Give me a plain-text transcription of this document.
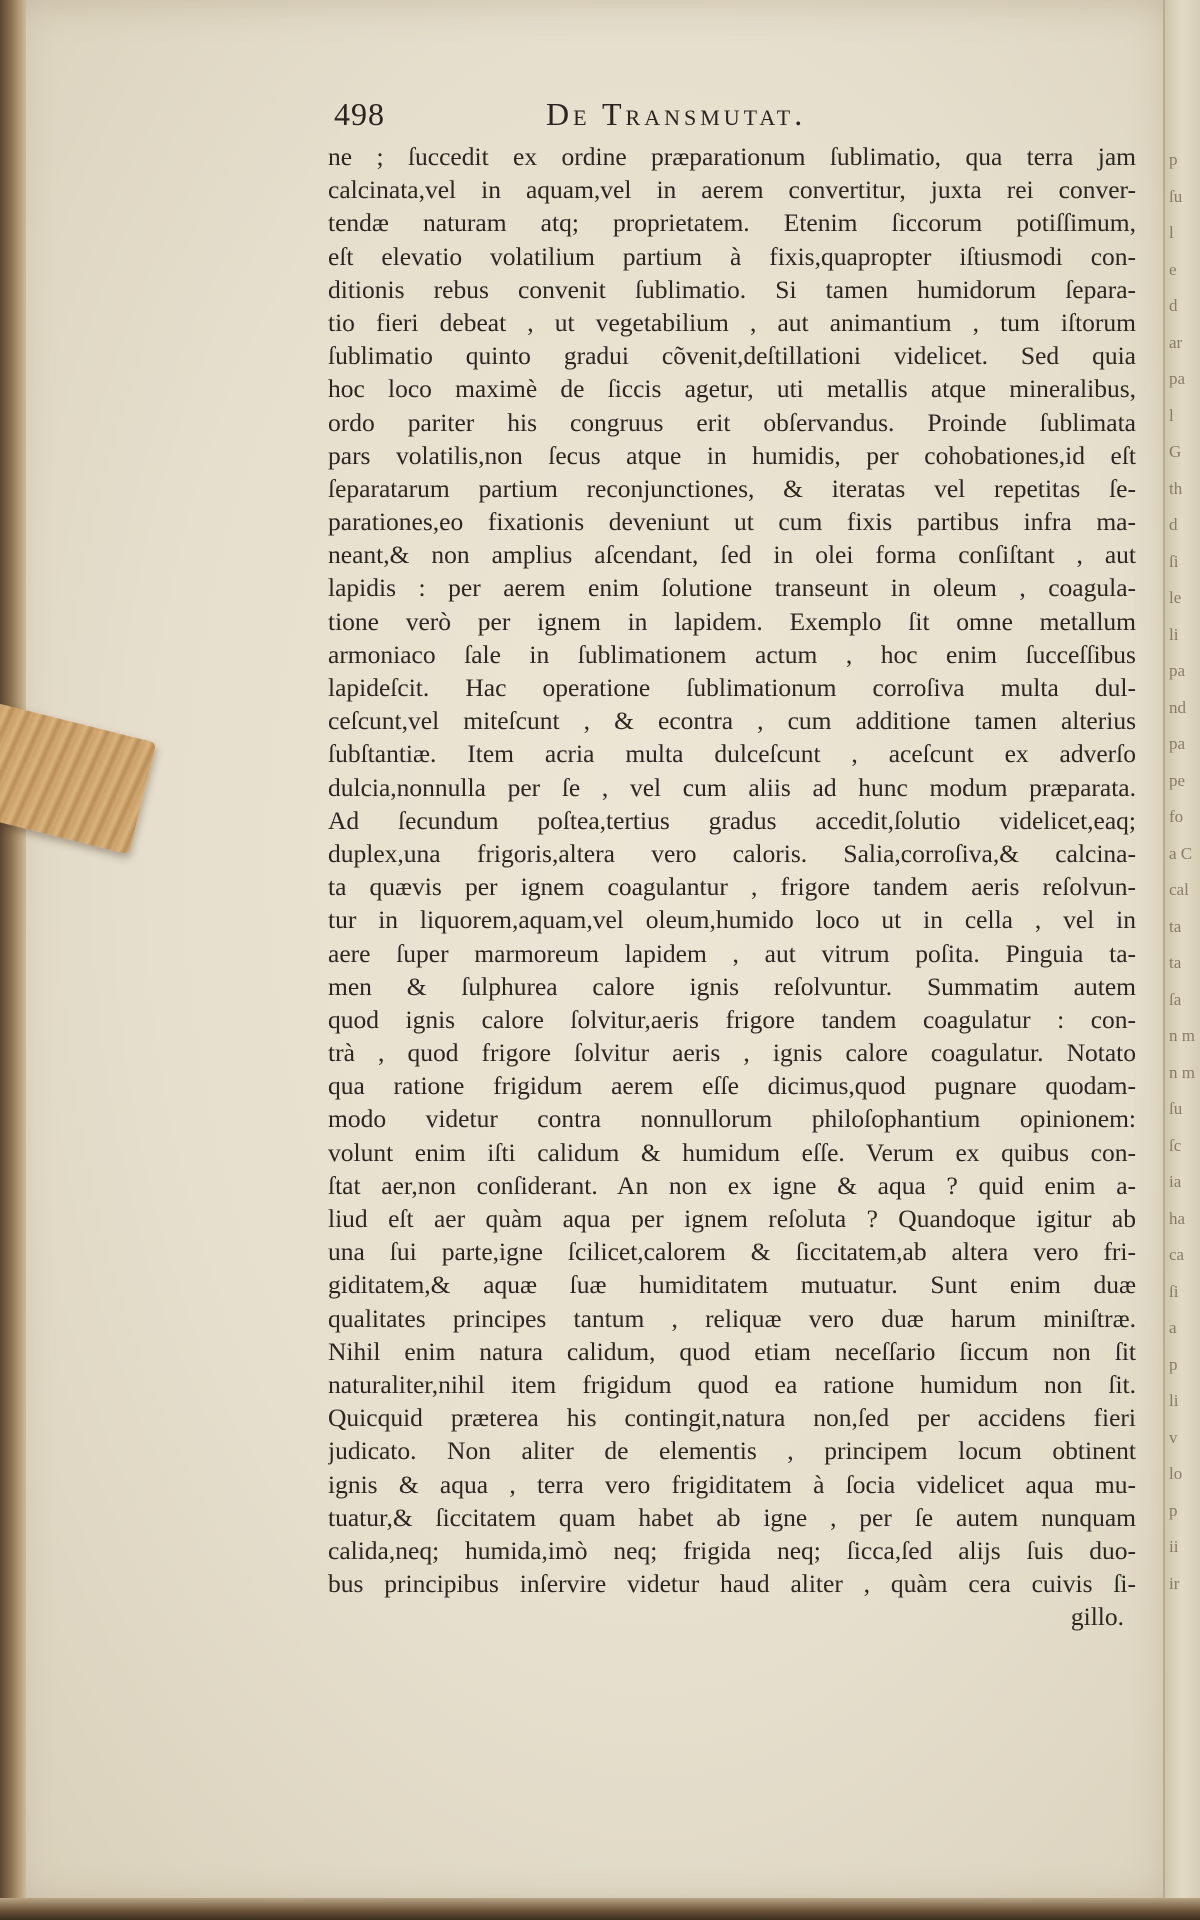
498	De Transmutat.
ne ; ſuccedit ex ordine præparationum ſublimatio, qua terra jam
calcinata,vel in aquam,vel in aerem convertitur, juxta rei conver-
tendæ naturam atq; proprietatem. Etenim ſiccorum potiſſimum,
eſt elevatio volatilium partium à fixis,quapropter iſtiusmodi con-
ditionis rebus convenit ſublimatio. Si tamen humidorum ſepara-
tio fieri debeat , ut vegetabilium , aut animantium , tum iſtorum
ſublimatio quinto gradui cõvenit,deſtillationi videlicet. Sed quia
hoc loco maximè de ſiccis agetur, uti metallis atque mineralibus,
ordo pariter his congruus erit obſervandus. Proinde ſublimata
pars volatilis,non ſecus atque in humidis, per cohobationes,id eſt
ſeparatarum partium reconjunctiones, & iteratas vel repetitas ſe-
parationes,eo fixationis deveniunt ut cum fixis partibus infra ma-
neant,& non amplius aſcendant, ſed in olei forma conſiſtant , aut
lapidis : per aerem enim ſolutione transeunt in oleum , coagula-
tione verò per ignem in lapidem. Exemplo ſit omne metallum
armoniaco ſale in ſublimationem actum , hoc enim ſucceſſibus
lapideſcit. Hac operatione ſublimationum corroſiva multa dul-
ceſcunt,vel miteſcunt , & econtra , cum additione tamen alterius
ſubſtantiæ. Item acria multa dulceſcunt , aceſcunt ex adverſo
dulcia,nonnulla per ſe , vel cum aliis ad hunc modum præparata.
Ad ſecundum poſtea,tertius gradus accedit,ſolutio videlicet,eaq;
duplex,una frigoris,altera vero caloris. Salia,corroſiva,& calcina-
ta quævis per ignem coagulantur , frigore tandem aeris reſolvun-
tur in liquorem,aquam,vel oleum,humido loco ut in cella , vel in
aere ſuper marmoreum lapidem , aut vitrum poſita. Pinguia ta-
men & ſulphurea calore ignis reſolvuntur. Summatim autem
quod ignis calore ſolvitur,aeris frigore tandem coagulatur : con-
trà , quod frigore ſolvitur aeris , ignis calore coagulatur. Notato
qua ratione frigidum aerem eſſe dicimus,quod pugnare quodam-
modo videtur contra nonnullorum philoſophantium opinionem:
volunt enim iſti calidum & humidum eſſe. Verum ex quibus con-
ſtat aer,non conſiderant. An non ex igne & aqua ? quid enim a-
liud eſt aer quàm aqua per ignem reſoluta ? Quandoque igitur ab
una ſui parte,igne ſcilicet,calorem & ſiccitatem,ab altera vero fri-
giditatem,& aquæ ſuæ humiditatem mutuatur. Sunt enim duæ
qualitates principes tantum , reliquæ vero duæ harum miniſtræ.
Nihil enim natura calidum, quod etiam neceſſario ſiccum non ſit
naturaliter,nihil item frigidum quod ea ratione humidum non ſit.
Quicquid præterea his contingit,natura non,ſed per accidens fieri
judicato. Non aliter de elementis , principem locum obtinent
ignis & aqua , terra vero frigiditatem à ſocia videlicet aqua mu-
tuatur,& ſiccitatem quam habet ab igne , per ſe autem nunquam
calida,neq; humida,imò neq; frigida neq; ſicca,ſed alijs ſuis duo-
bus principibus inſervire videtur haud aliter , quàm cera cuivis ſi-
gillo.
p
ſu
l
e
d
ar
pa
l
G
th
d
ſi
le
li
pa
nd
pa
pe
fo
a C
cal
ta
ta
ſa
n m
n m
ſu
ſc
ia
ha
ca
ſi
a
p
li
v
lo
p
ii
ir
